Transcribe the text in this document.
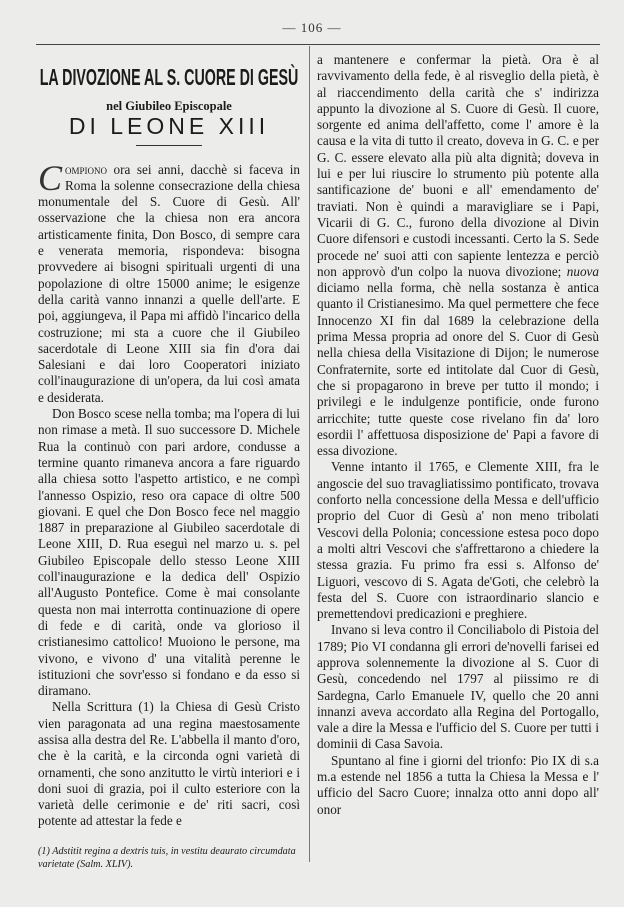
— 106 —
LA DIVOZIONE AL S. CUORE DI GESÙ
nel Giubileo Episcopale
DI LEONE XIII

Compiono ora sei anni, dacchè si faceva in Roma la solenne consecrazione della chiesa monumentale del S. Cuore di Gesù. All' osservazione che la chiesa non era ancora artisticamente finita, Don Bosco, di sempre cara e venerata memoria, rispondeva: bisogna provvedere ai bisogni spirituali urgenti di una popolazione di oltre 15000 anime; le esigenze della carità vanno innanzi a quelle dell'arte. E poi, aggiungeva, il Papa mi affidò l'incarico della costruzione; mi sta a cuore che il Giubileo sacerdotale di Leone XIII sia fin d'ora dai Salesiani e dai loro Cooperatori iniziato coll'inaugurazione di un'opera, da lui così amata e desiderata.

Don Bosco scese nella tomba; ma l'opera di lui non rimase a metà. Il suo successore D. Michele Rua la continuò con pari ardore, condusse a termine quanto rimaneva ancora a fare riguardo alla chiesa sotto l'aspetto artistico, e ne compì l'annesso Ospizio, reso ora capace di oltre 500 giovani. E quel che Don Bosco fece nel maggio 1887 in preparazione al Giubileo sacerdotale di Leone XIII, D. Rua eseguì nel marzo u. s. pel Giubileo Episcopale dello stesso Leone XIII coll'inaugurazione e la dedica dell' Ospizio all'Augusto Pontefice. Come è mai consolante questa non mai interrotta continuazione di opere di fede e di carità, onde va glorioso il cristianesimo cattolico! Muoiono le persone, ma vivono, e vivono d' una vitalità perenne le istituzioni che sovr'esso si fondano e da esso si diramano.

Nella Scrittura (1) la Chiesa di Gesù Cristo vien paragonata ad una regina maestosamente assisa alla destra del Re. L'abbella il manto d'oro, che è la carità, e la circonda ogni varietà di ornamenti, che sono anzitutto le virtù interiori e i doni suoi di grazia, poi il culto esteriore con la varietà delle cerimonie e de' riti sacri, così potente ad attestar la fede e

(1) Adstitit regina a dextris tuis, in vestitu deaurato circumdata varietate (Salm. XLIV).

a mantenere e confermar la pietà. Ora è al ravvivamento della fede, è al risveglio della pietà, è al riaccendimento della carità che s' indirizza appunto la divozione al S. Cuore di Gesù. Il cuore, sorgente ed anima dell'affetto, come l' amore è la causa e la vita di tutto il creato, doveva in G. C. e per G. C. essere elevato alla più alta dignità; doveva in lui e per lui riuscire lo strumento più potente alla santificazione de' buoni e all' emendamento de' traviati. Non è quindi a maravigliare se i Papi, Vicarii di G. C., furono della divozione al Divin Cuore difensori e custodi incessanti. Certo la S. Sede procede ne' suoi atti con sapiente lentezza e perciò non approvò d'un colpo la nuova divozione; nuova diciamo nella forma, chè nella sostanza è antica quanto il Cristianesimo. Ma quel permettere che fece Innocenzo XI fin dal 1689 la celebrazione della prima Messa propria ad onore del S. Cuor di Gesù nella chiesa della Visitazione di Dijon; le numerose Confraternite, sorte ed intitolate dal Cuor di Gesù, che si propagarono in breve per tutto il mondo; i privilegi e le indulgenze pontificie, onde furono arricchite; tutte queste cose rivelano fin da' loro esordii l' affettuosa disposizione de' Papi a favore di essa divozione.

Venne intanto il 1765, e Clemente XIII, fra le angoscie del suo travagliatissimo pontificato, trovava conforto nella concessione della Messa e dell'ufficio proprio del Cuor di Gesù a' non meno tribolati Vescovi della Polonia; concessione estesa poco dopo a molti altri Vescovi che s'affrettarono a chiedere la stessa grazia. Fu primo fra essi s. Alfonso de' Liguori, vescovo di S. Agata de'Goti, che celebrò la festa del S. Cuore con istraordinario slancio e premettendovi predicazioni e preghiere.

Invano si leva contro il Conciliabolo di Pistoia del 1789; Pio VI condanna gli errori de'novelli farisei ed approva solennemente la divozione al S. Cuor di Gesù, concedendo nel 1797 al piissimo re di Sardegna, Carlo Emanuele IV, quello che 20 anni innanzi aveva accordato alla Regina del Portogallo, vale a dire la Messa e l'ufficio del S. Cuore per tutti i dominii di Casa Savoia.

Spuntano al fine i giorni del trionfo: Pio IX di s.a m.a estende nel 1856 a tutta la Chiesa la Messa e l' ufficio del Sacro Cuore; innalza otto anni dopo all' onor
